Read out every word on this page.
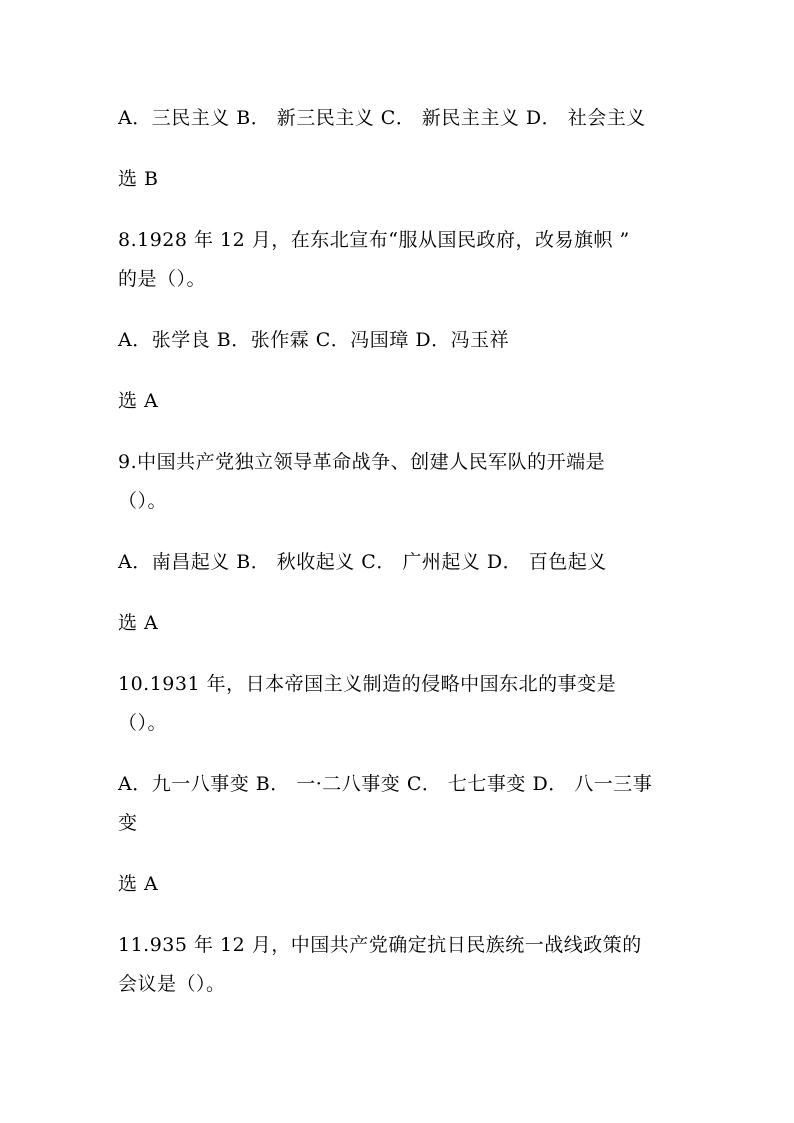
A．三民主义 B． 新三民主义 C． 新民主主义 D． 社会主义
选 B
8.1928 年 12 月，在东北宣布“服从国民政府，改易旗帜 ”
的是（）。
A．张学良 B．张作霖 C．冯国璋 D．冯玉祥
选 A
9.中国共产党独立领导革命战争、创建人民军队的开端是
（）。
A．南昌起义 B． 秋收起义 C． 广州起义 D． 百色起义
选 A
10.1931 年，日本帝国主义制造的侵略中国东北的事变是
（）。
A．九一八事变 B． 一·二八事变 C． 七七事变 D． 八一三事
变
选 A
11.935 年 12 月，中国共产党确定抗日民族统一战线政策的
会议是（）。
